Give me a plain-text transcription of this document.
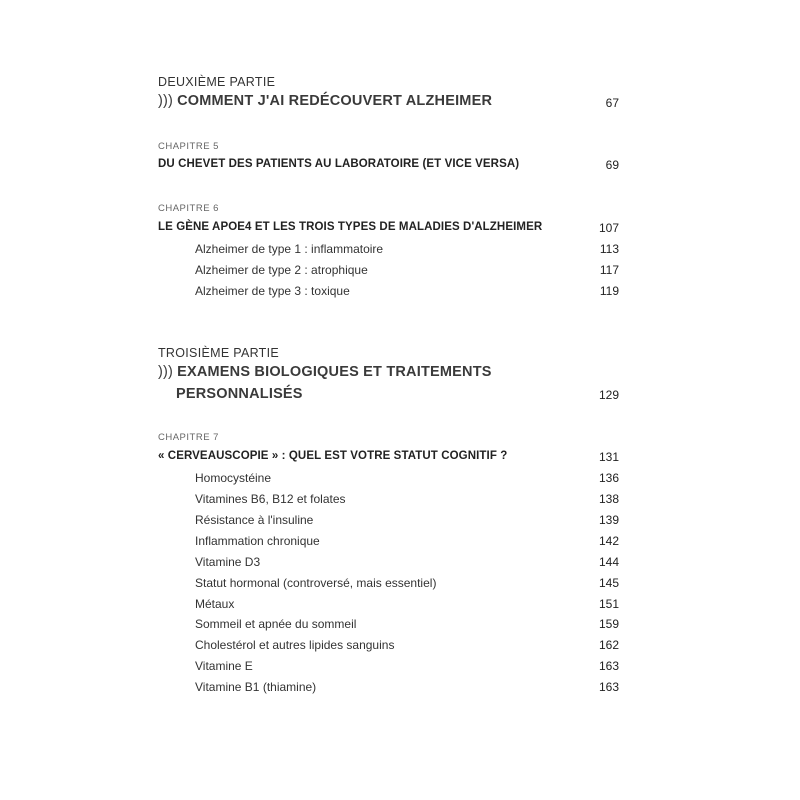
DEUXIÈME PARTIE
))) COMMENT J'AI REDÉCOUVERT ALZHEIMER	67
CHAPITRE 5
DU CHEVET DES PATIENTS AU LABORATOIRE (ET VICE VERSA)	69
CHAPITRE 6
LE GÈNE APOE4 ET LES TROIS TYPES DE MALADIES D'ALZHEIMER	107
Alzheimer de type 1 : inflammatoire	113
Alzheimer de type 2 : atrophique	117
Alzheimer de type 3 : toxique	119
TROISIÈME PARTIE
))) EXAMENS BIOLOGIQUES ET TRAITEMENTS
PERSONNALISÉS	129
CHAPITRE 7
« CERVEAUSCOPIE » : QUEL EST VOTRE STATUT COGNITIF ?	131
Homocystéine	136
Vitamines B6, B12 et folates	138
Résistance à l'insuline	139
Inflammation chronique	142
Vitamine D3	144
Statut hormonal (controversé, mais essentiel)	145
Métaux	151
Sommeil et apnée du sommeil	159
Cholestérol et autres lipides sanguins	162
Vitamine E	163
Vitamine B1 (thiamine)	163
